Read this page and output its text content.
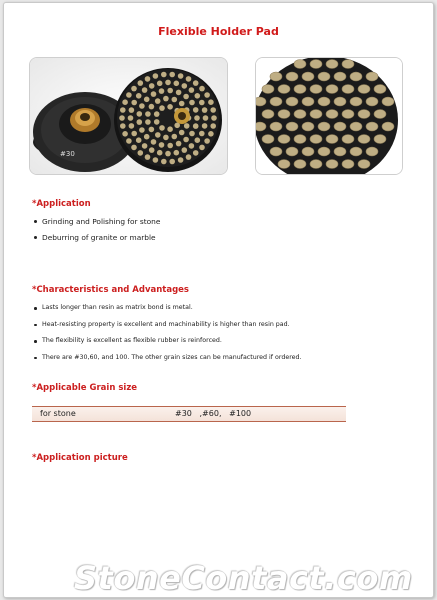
Flexible Holder Pad
#30
*Application
Grinding and Polishing for stone
Deburring of granite or marble
*Characteristics and Advantages
Lasts longer than resin as matrix bond is metal.
Heat-resisting property is excellent and machinability is higher than resin pad.
The flexibility is excellent as flexible rubber is reinforced.
There are #30,60, and 100. The other grain sizes can be manufactured if ordered.
*Applicable Grain size
for stone	#30   ,#60,   #100
*Application picture
StoneContact.com
